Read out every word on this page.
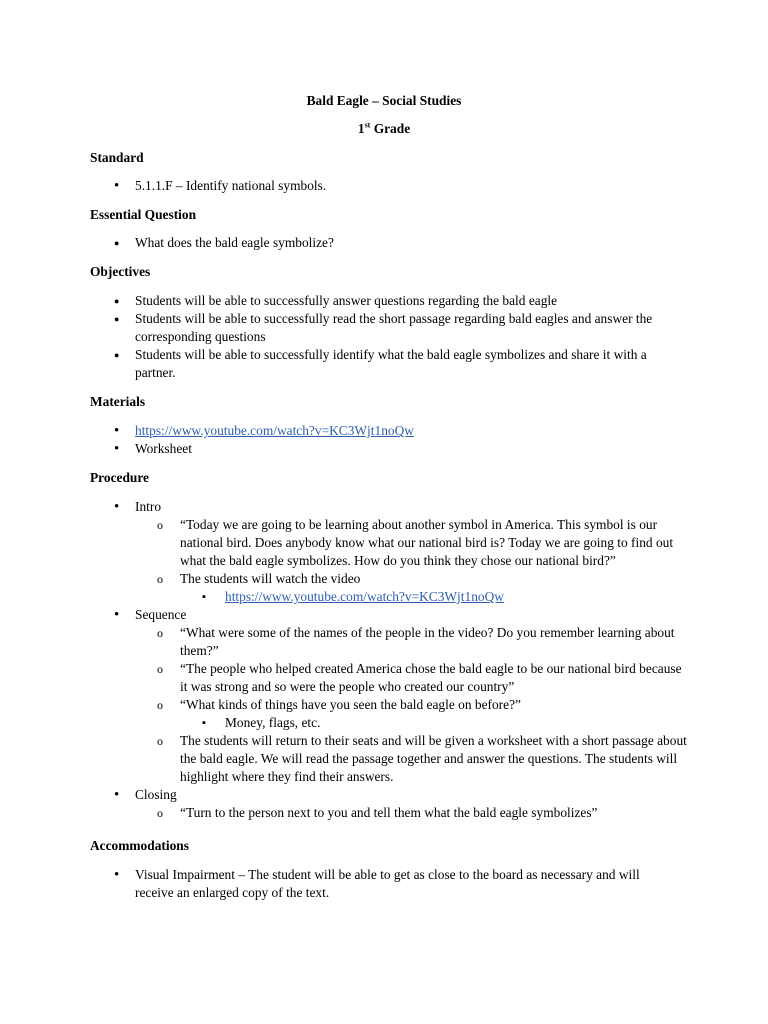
Bald Eagle – Social Studies
1st Grade
Standard
• 5.1.1.F – Identify national symbols.
Essential Question
● What does the bald eagle symbolize?
Objectives
● Students will be able to successfully answer questions regarding the bald eagle
● Students will be able to successfully read the short passage regarding bald eagles and answer the corresponding questions
● Students will be able to successfully identify what the bald eagle symbolizes and share it with a partner.
Materials
• https://www.youtube.com/watch?v=KC3Wjt1noQw
• Worksheet
Procedure
• Intro
o “Today we are going to be learning about another symbol in America. This symbol is our national bird. Does anybody know what our national bird is? Today we are going to find out what the bald eagle symbolizes. How do you think they chose our national bird?”
o The students will watch the video
▪ https://www.youtube.com/watch?v=KC3Wjt1noQw
• Sequence
o “What were some of the names of the people in the video? Do you remember learning about them?”
o “The people who helped created America chose the bald eagle to be our national bird because it was strong and so were the people who created our country”
o “What kinds of things have you seen the bald eagle on before?”
▪ Money, flags, etc.
o The students will return to their seats and will be given a worksheet with a short passage about the bald eagle. We will read the passage together and answer the questions. The students will highlight where they find their answers.
• Closing
o “Turn to the person next to you and tell them what the bald eagle symbolizes”
Accommodations
• Visual Impairment – The student will be able to get as close to the board as necessary and will receive an enlarged copy of the text.
